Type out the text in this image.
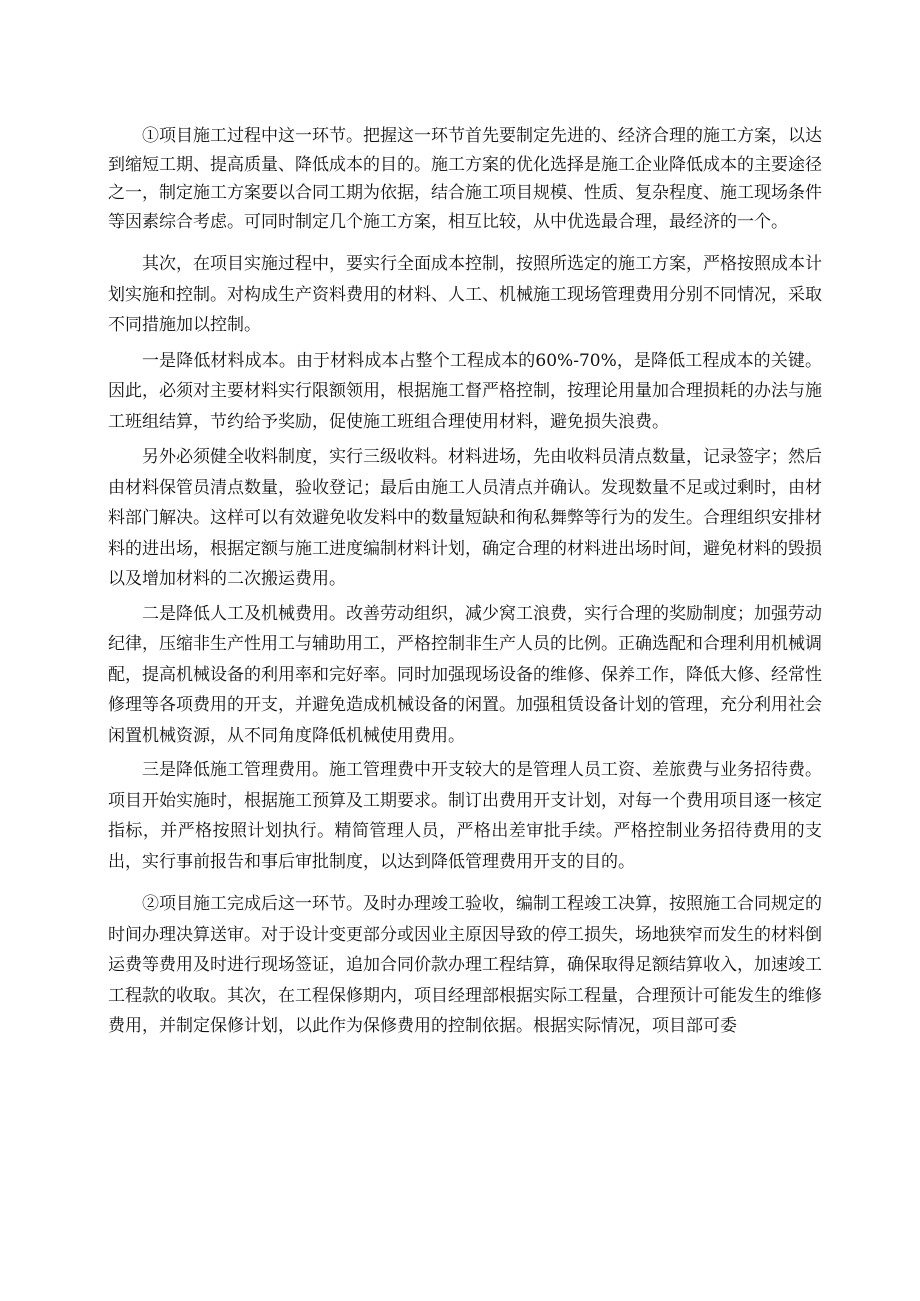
①项目施工过程中这一环节。把握这一环节首先要制定先进的、经济合理的施工方案，以达到缩短工期、提高质量、降低成本的目的。施工方案的优化选择是施工企业降低成本的主要途径之一，制定施工方案要以合同工期为依据，结合施工项目规模、性质、复杂程度、施工现场条件等因素综合考虑。可同时制定几个施工方案，相互比较，从中优选最合理，最经济的一个。

其次，在项目实施过程中，要实行全面成本控制，按照所选定的施工方案，严格按照成本计划实施和控制。对构成生产资料费用的材料、人工、机械施工现场管理费用分别不同情况，采取不同措施加以控制。

一是降低材料成本。由于材料成本占整个工程成本的60%-70%，是降低工程成本的关键。因此，必须对主要材料实行限额领用，根据施工督严格控制，按理论用量加合理损耗的办法与施工班组结算，节约给予奖励，促使施工班组合理使用材料，避免损失浪费。

另外必须健全收料制度，实行三级收料。材料进场，先由收料员清点数量，记录签字；然后由材料保管员清点数量，验收登记；最后由施工人员清点并确认。发现数量不足或过剩时，由材料部门解决。这样可以有效避免收发料中的数量短缺和徇私舞弊等行为的发生。合理组织安排材料的进出场，根据定额与施工进度编制材料计划，确定合理的材料进出场时间，避免材料的毁损以及增加材料的二次搬运费用。

二是降低人工及机械费用。改善劳动组织，减少窝工浪费，实行合理的奖励制度；加强劳动纪律，压缩非生产性用工与辅助用工，严格控制非生产人员的比例。正确选配和合理利用机械调配，提高机械设备的利用率和完好率。同时加强现场设备的维修、保养工作，降低大修、经常性修理等各项费用的开支，并避免造成机械设备的闲置。加强租赁设备计划的管理，充分利用社会闲置机械资源，从不同角度降低机械使用费用。

三是降低施工管理费用。施工管理费中开支较大的是管理人员工资、差旅费与业务招待费。项目开始实施时，根据施工预算及工期要求。制订出费用开支计划，对每一个费用项目逐一核定指标，并严格按照计划执行。精简管理人员，严格出差审批手续。严格控制业务招待费用的支出，实行事前报告和事后审批制度，以达到降低管理费用开支的目的。

②项目施工完成后这一环节。及时办理竣工验收，编制工程竣工决算，按照施工合同规定的时间办理决算送审。对于设计变更部分或因业主原因导致的停工损失，场地狭窄而发生的材料倒运费等费用及时进行现场签证，追加合同价款办理工程结算，确保取得足额结算收入，加速竣工工程款的收取。其次，在工程保修期内，项目经理部根据实际工程量，合理预计可能发生的维修费用，并制定保修计划，以此作为保修费用的控制依据。根据实际情况，项目部可委
